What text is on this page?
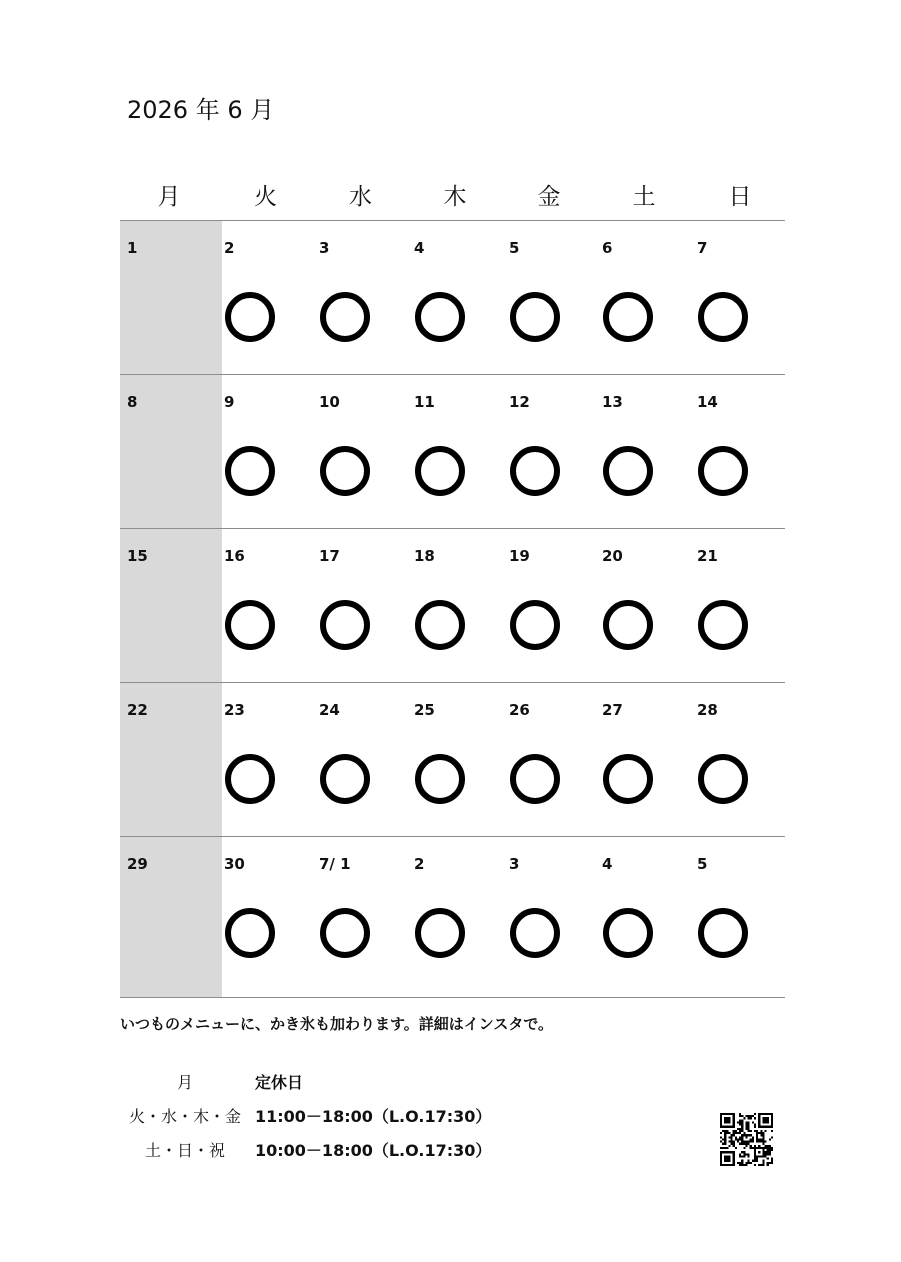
2026 年 6 月
月	火	水	木	金	土	日
1	2	3	4	5	6	7
8	9	10	11	12	13	14
15	16	17	18	19	20	21
22	23	24	25	26	27	28
29	30	7/ 1	2	3	4	5
いつものメニューに、かき氷も加わります。詳細はインスタで。
月	定休日
火・水・木・金 11:00－18:00（L.O.17:30）
土・日・祝	10:00－18:00（L.O.17:30）
